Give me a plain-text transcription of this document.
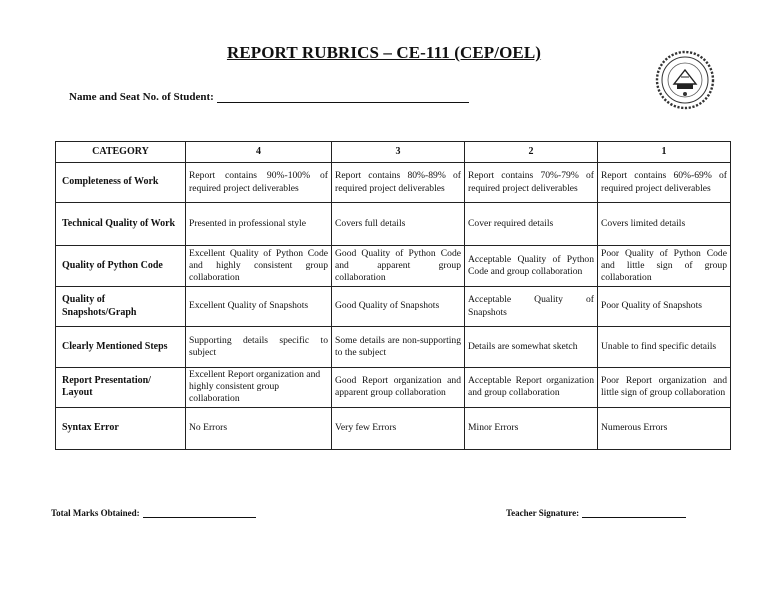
REPORT RUBRICS – CE-111 (CEP/OEL)
Name and Seat No. of Student:
CATEGORY	4	3	2	1
Completeness of Work	Report contains 90%-100% of required project deliverables	Report contains 80%-89% of required project deliverables	Report contains 70%-79% of required project deliverables	Report contains 60%-69% of required project deliverables
Technical Quality of Work	Presented in professional style	Covers full details	Cover required details	Covers limited details
Quality of Python Code	Excellent Quality of Python Code and highly consistent group collaboration	Good Quality of Python Code and apparent group collaboration	Acceptable Quality of Python Code and group collaboration	Poor Quality of Python Code and little sign of group collaboration
Quality of Snapshots/Graph	Excellent Quality of Snapshots	Good Quality of Snapshots	Acceptable Quality of Snapshots	Poor Quality of Snapshots
Clearly Mentioned Steps	Supporting details specific to subject	Some details are non-supporting to the subject	Details are somewhat sketch	Unable to find specific details
Report Presentation/ Layout	Excellent Report organization and highly consistent group collaboration	Good Report organization and apparent group collaboration	Acceptable Report organization and group collaboration	Poor Report organization and little sign of group collaboration
Syntax Error	No Errors	Very few Errors	Minor Errors	Numerous Errors
Total Marks Obtained:	Teacher Signature:
